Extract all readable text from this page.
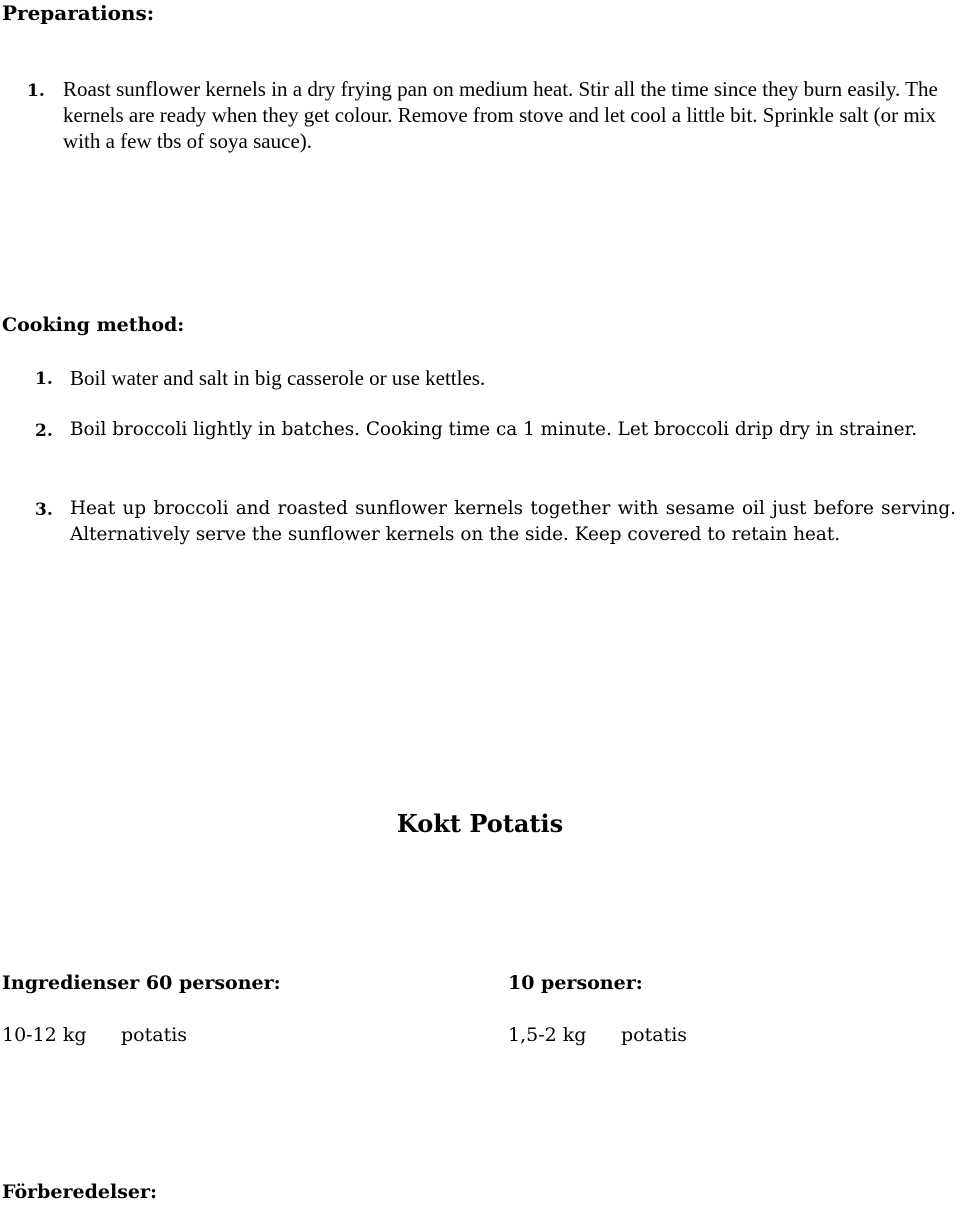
Preparations:
1. Roast sunflower kernels in a dry frying pan on medium heat. Stir all the time since they burn easily. The kernels are ready when they get colour. Remove from stove and let cool a little bit. Sprinkle salt (or mix with a few tbs of soya sauce).
Cooking method:
1. Boil water and salt in big casserole or use kettles.
2. Boil broccoli lightly in batches. Cooking time ca 1 minute. Let broccoli drip dry in strainer.
3. Heat up broccoli and roasted sunflower kernels together with sesame oil just before serving. Alternatively serve the sunflower kernels on the side. Keep covered to retain heat.
Kokt Potatis
Ingredienser 60 personer:	10 personer:
10-12 kg potatis	1,5-2 kg potatis
Förberedelser:
